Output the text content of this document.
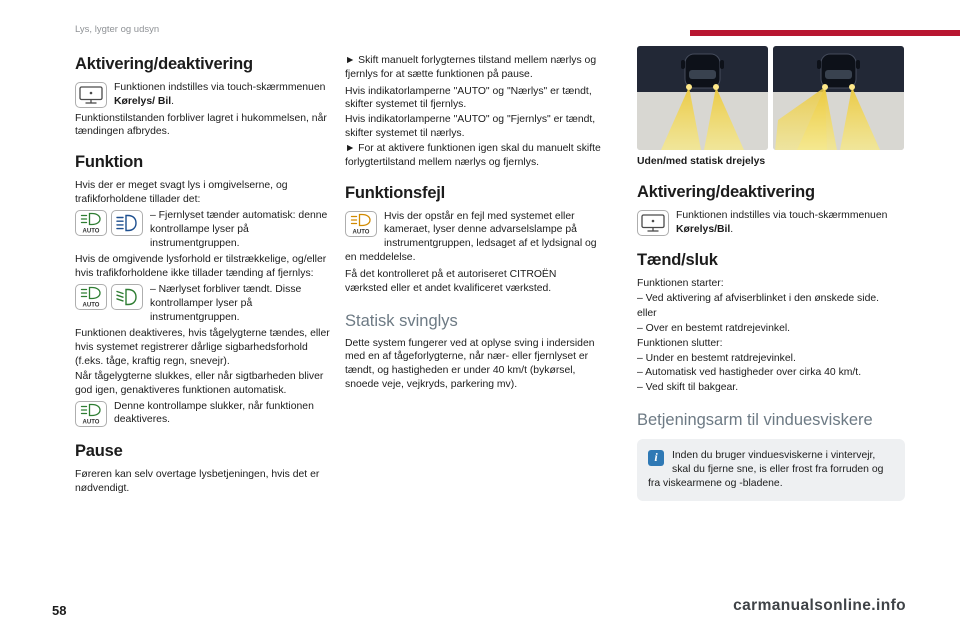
Lys, lygter og udsyn
Aktivering/deaktivering

Funktionen indstilles via touch-skærmmenuen Kørelys/ Bil.

Funktionstilstanden forbliver lagret i hukommelsen, når tændingen afbrydes.

Funktion

Hvis der er meget svagt lys i omgivelserne, og trafikforholdene tillader det:

AUTO

– Fjernlyset tænder automatisk: denne kontrollampe lyser på instrumentgruppen.

Hvis de omgivende lysforhold er tilstrækkelige, og/eller hvis trafikforholdene ikke tillader tænding af fjernlys:

AUTO

– Nærlyset forbliver tændt. Disse kontrollamper lyser på instrumentgruppen.

Funktionen deaktiveres, hvis tågelygterne tændes, eller hvis systemet registrerer dårlige sigbarhedsforhold (f.eks. tåge, kraftig regn, snevejr).

Når tågelygterne slukkes, eller når sigtbarheden bliver god igen, genaktiveres funktionen automatisk.

AUTO

Denne kontrollampe slukker, når funktionen deaktiveres.

Pause

Føreren kan selv overtage lysbetjeningen, hvis det er nødvendigt.

► Skift manuelt forlygternes tilstand mellem nærlys og fjernlys for at sætte funktionen på pause.

Hvis indikatorlamperne "AUTO" og "Nærlys" er tændt, skifter systemet til fjernlys.

Hvis indikatorlamperne "AUTO" og "Fjernlys" er tændt, skifter systemet til nærlys.

► For at aktivere funktionen igen skal du manuelt skifte forlygtertilstand mellem nærlys og fjernlys.

Funktionsfejl
AUTO

Hvis der opstår en fejl med systemet eller kameraet, lyser denne advarselslampe på instrumentgruppen, ledsaget af et lydsignal og en meddelelse.

Få det kontrolleret på et autoriseret CITROËN værksted eller et andet kvalificeret værksted.

Statisk svinglys

Dette system fungerer ved at oplyse sving i indersiden med en af tågeforlygterne, når nær- eller fjernlyset er tændt, og hastigheden er under 40 km/t (bykørsel, snoede veje, vejkryds, parkering mv).

Uden/med statisk drejelys

Aktivering/deaktivering

Funktionen indstilles via touch-skærmmenuen Kørelys/Bil.

Tænd/sluk

Funktionen starter:

– Ved aktivering af afviserblinket i den ønskede side.

eller

– Over en bestemt ratdrejevinkel.

Funktionen slutter:

– Under en bestemt ratdrejevinkel.

– Automatisk ved hastigheder over cirka 40 km/t.

– Ved skift til bakgear.

Betjeningsarm til vinduesviskere
i	Inden du bruger vinduesviskerne i vintervejr, skal du fjerne sne, is eller frost fra forruden og fra viskearmene og -bladene.

58	carmanualsonline.info
